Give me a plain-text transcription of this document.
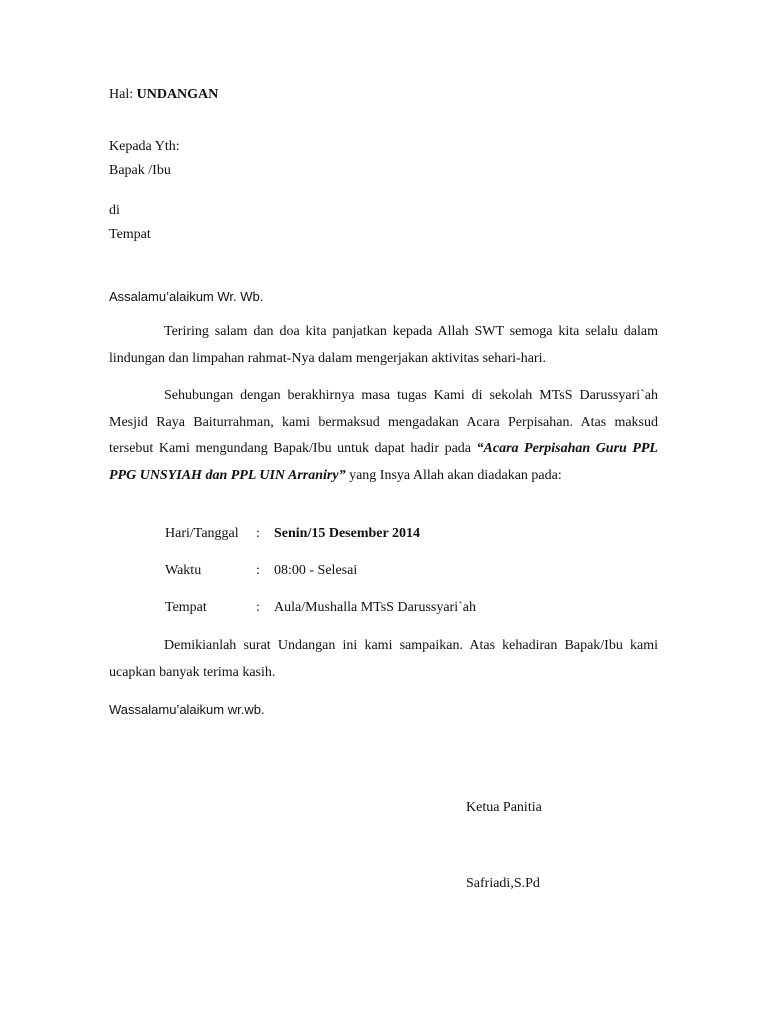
Hal: UNDANGAN
Kepada Yth:
Bapak /Ibu
di
Tempat
Assalamu’alaikum Wr. Wb.
Teriring salam dan doa kita panjatkan kepada Allah SWT semoga kita selalu dalam lindungan dan limpahan rahmat-Nya dalam mengerjakan aktivitas sehari-hari.
Sehubungan dengan berakhirnya masa tugas Kami di sekolah MTsS Darussyari`ah Mesjid Raya Baiturrahman, kami bermaksud mengadakan Acara Perpisahan. Atas maksud tersebut Kami mengundang Bapak/Ibu untuk dapat hadir pada “Acara Perpisahan Guru PPL PPG UNSYIAH dan PPL UIN Arraniry” yang Insya Allah akan diadakan pada:
Hari/Tanggal : Senin/15 Desember 2014
Waktu	: 08:00 - Selesai
Tempat	: Aula/Mushalla MTsS Darussyari`ah
Demikianlah surat Undangan ini kami sampaikan. Atas kehadiran Bapak/Ibu kami ucapkan banyak terima kasih.
Wassalamu’alaikum wr.wb.
Ketua Panitia
Safriadi,S.Pd
